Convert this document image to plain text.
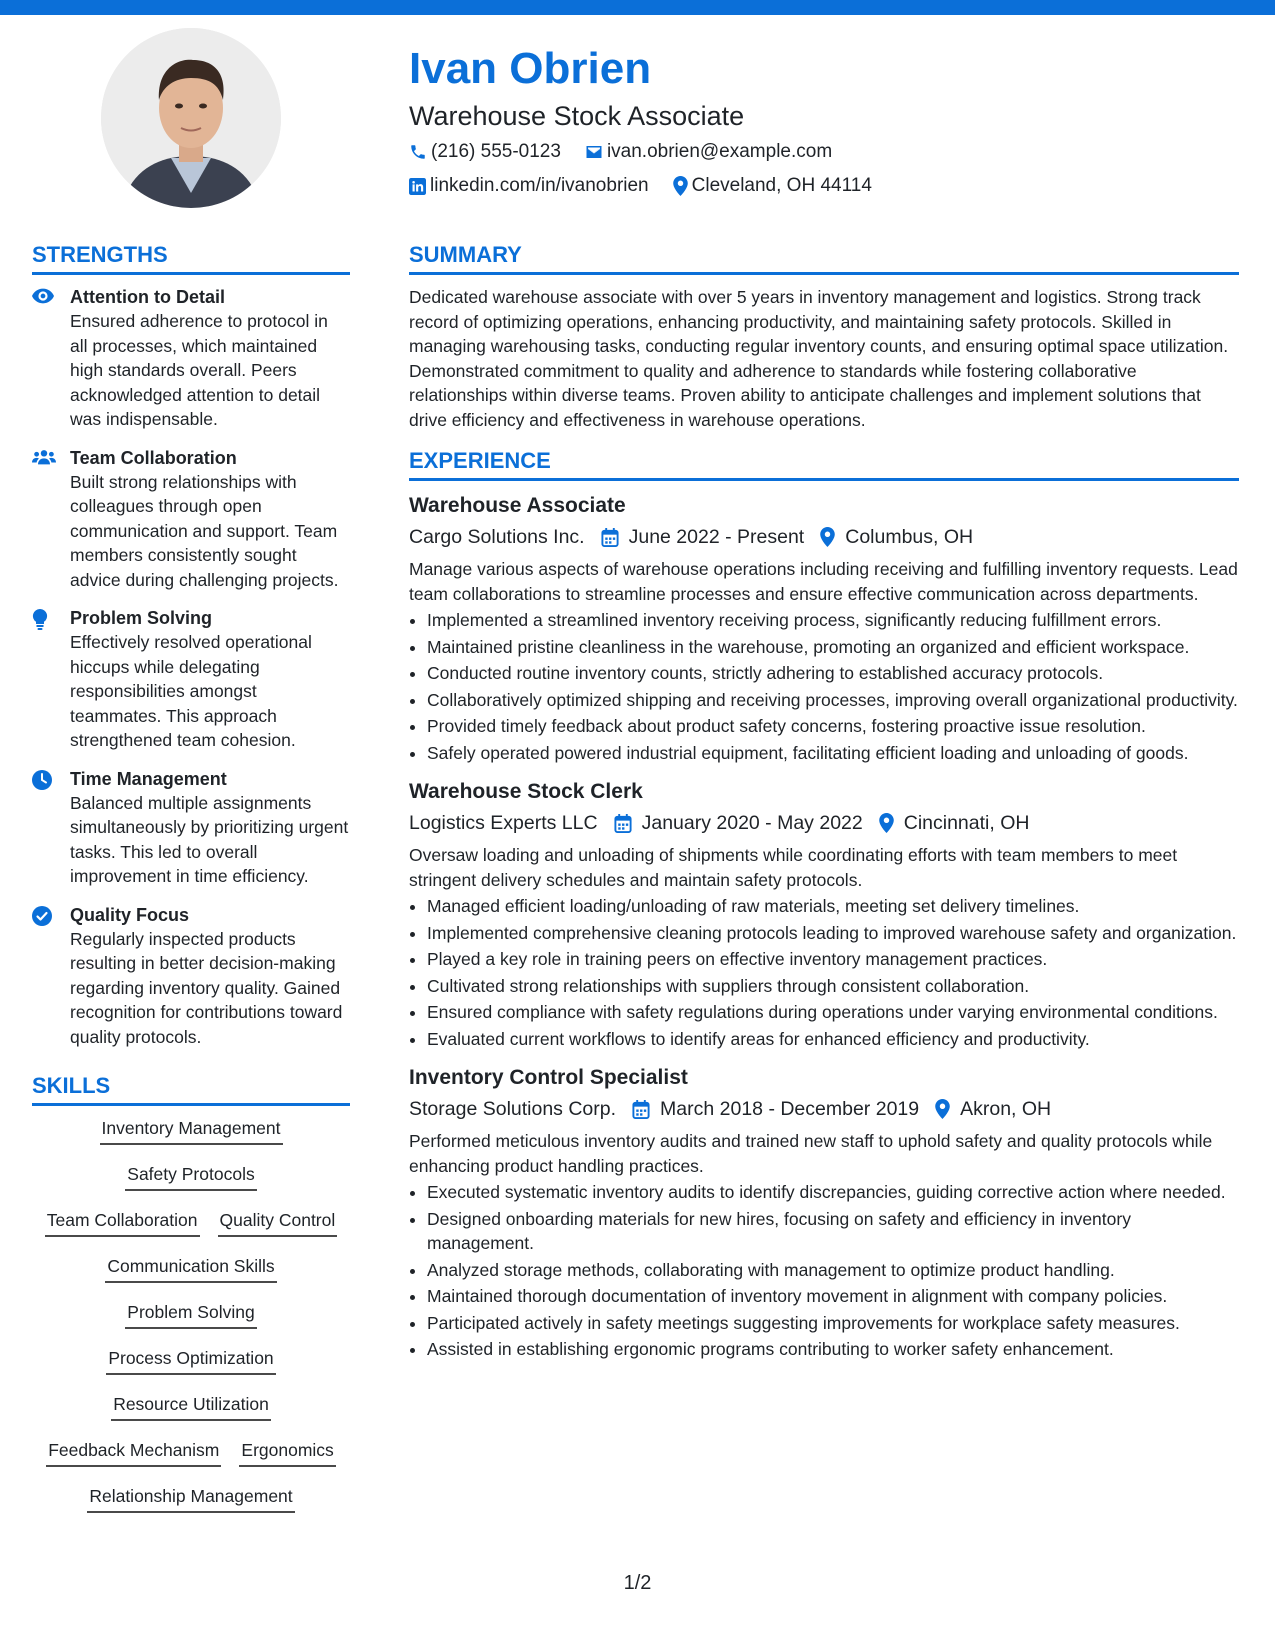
Ivan Obrien
Warehouse Stock Associate
(216) 555-0123 ivan.obrien@example.com
linkedin.com/in/ivanobrien Cleveland, OH 44114
STRENGTHS
Attention to Detail
Ensured adherence to protocol in all processes, which maintained high standards overall. Peers acknowledged attention to detail was indispensable.
Team Collaboration
Built strong relationships with colleagues through open communication and support. Team members consistently sought advice during challenging projects.
Problem Solving
Effectively resolved operational hiccups while delegating responsibilities amongst teammates. This approach strengthened team cohesion.
Time Management
Balanced multiple assignments simultaneously by prioritizing urgent tasks. This led to overall improvement in time efficiency.
Quality Focus
Regularly inspected products resulting in better decision-making regarding inventory quality. Gained recognition for contributions toward quality protocols.
SKILLS
Inventory Management
Safety Protocols
Team Collaboration Quality Control
Communication Skills
Problem Solving
Process Optimization
Resource Utilization
Feedback Mechanism Ergonomics
Relationship Management
SUMMARY

Dedicated warehouse associate with over 5 years in inventory management and logistics. Strong track record of optimizing operations, enhancing productivity, and maintaining safety protocols. Skilled in managing warehousing tasks, conducting regular inventory counts, and ensuring optimal space utilization. Demonstrated commitment to quality and adherence to standards while fostering collaborative relationships within diverse teams. Proven ability to anticipate challenges and implement solutions that drive efficiency and effectiveness in warehouse operations.

EXPERIENCE
Warehouse Associate
Cargo Solutions Inc. June 2022 - Present Columbus, OH

Manage various aspects of warehouse operations including receiving and fulfilling inventory requests. Lead team collaborations to streamline processes and ensure effective communication across departments.

• Implemented a streamlined inventory receiving process, significantly reducing fulfillment errors.
• Maintained pristine cleanliness in the warehouse, promoting an organized and efficient workspace.
• Conducted routine inventory counts, strictly adhering to established accuracy protocols.
• Collaboratively optimized shipping and receiving processes, improving overall organizational productivity.
• Provided timely feedback about product safety concerns, fostering proactive issue resolution.
• Safely operated powered industrial equipment, facilitating efficient loading and unloading of goods.
Warehouse Stock Clerk
Logistics Experts LLC January 2020 - May 2022 Cincinnati, OH

Oversaw loading and unloading of shipments while coordinating efforts with team members to meet stringent delivery schedules and maintain safety protocols.

• Managed efficient loading/unloading of raw materials, meeting set delivery timelines.
• Implemented comprehensive cleaning protocols leading to improved warehouse safety and organization.
• Played a key role in training peers on effective inventory management practices.
• Cultivated strong relationships with suppliers through consistent collaboration.
• Ensured compliance with safety regulations during operations under varying environmental conditions.
• Evaluated current workflows to identify areas for enhanced efficiency and productivity.
Inventory Control Specialist
Storage Solutions Corp. March 2018 - December 2019 Akron, OH

Performed meticulous inventory audits and trained new staff to uphold safety and quality protocols while enhancing product handling practices.

• Executed systematic inventory audits to identify discrepancies, guiding corrective action where needed.
• Designed onboarding materials for new hires, focusing on safety and efficiency in inventory management.
• Analyzed storage methods, collaborating with management to optimize product handling.
• Maintained thorough documentation of inventory movement in alignment with company policies.
• Participated actively in safety meetings suggesting improvements for workplace safety measures.
• Assisted in establishing ergonomic programs contributing to worker safety enhancement.
1/2
